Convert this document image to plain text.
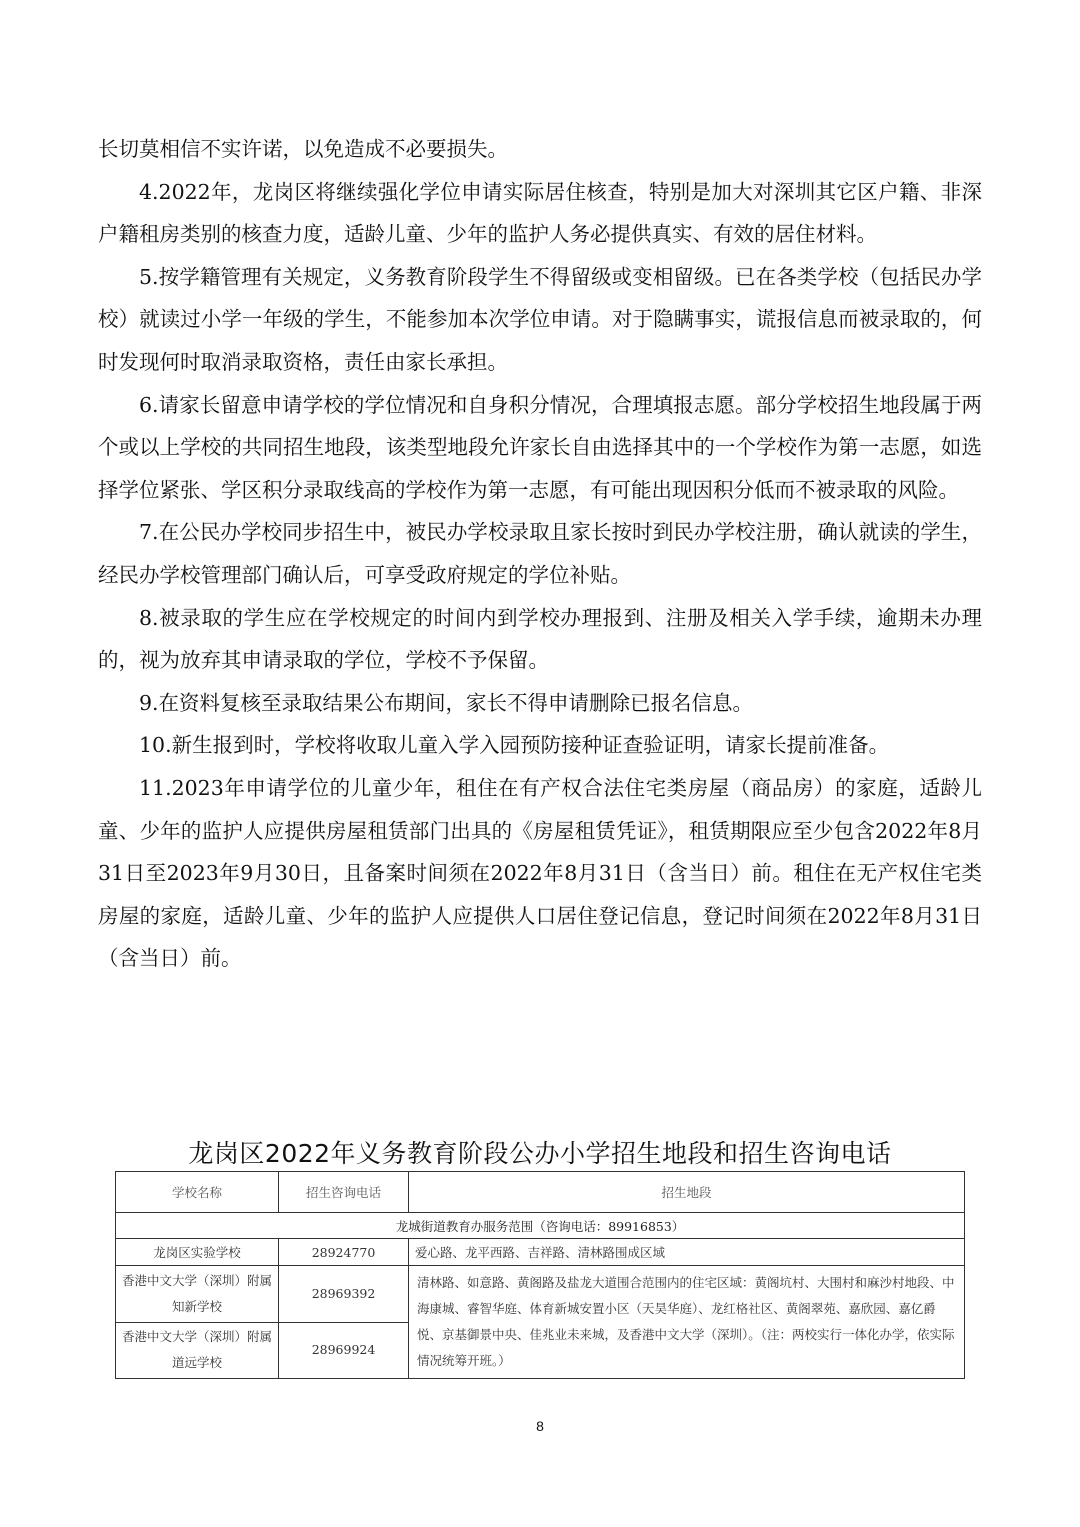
长切莫相信不实许诺，以免造成不必要损失。

4.2022年，龙岗区将继续强化学位申请实际居住核查，特别是加大对深圳其它区户籍、非深户籍租房类别的核查力度，适龄儿童、少年的监护人务必提供真实、有效的居住材料。

5.按学籍管理有关规定，义务教育阶段学生不得留级或变相留级。已在各类学校（包括民办学校）就读过小学一年级的学生，不能参加本次学位申请。对于隐瞒事实，谎报信息而被录取的，何时发现何时取消录取资格，责任由家长承担。

6.请家长留意申请学校的学位情况和自身积分情况，合理填报志愿。部分学校招生地段属于两个或以上学校的共同招生地段，该类型地段允许家长自由选择其中的一个学校作为第一志愿，如选择学位紧张、学区积分录取线高的学校作为第一志愿，有可能出现因积分低而不被录取的风险。

7.在公民办学校同步招生中，被民办学校录取且家长按时到民办学校注册，确认就读的学生，经民办学校管理部门确认后，可享受政府规定的学位补贴。

8.被录取的学生应在学校规定的时间内到学校办理报到、注册及相关入学手续，逾期未办理的，视为放弃其申请录取的学位，学校不予保留。

9.在资料复核至录取结果公布期间，家长不得申请删除已报名信息。

10.新生报到时，学校将收取儿童入学入园预防接种证查验证明，请家长提前准备。

11.2023年申请学位的儿童少年，租住在有产权合法住宅类房屋（商品房）的家庭，适龄儿童、少年的监护人应提供房屋租赁部门出具的《房屋租赁凭证》，租赁期限应至少包含2022年8月31日至2023年9月30日，且备案时间须在2022年8月31日（含当日）前。租住在无产权住宅类房屋的家庭，适龄儿童、少年的监护人应提供人口居住登记信息，登记时间须在2022年8月31日（含当日）前。

龙岗区2022年义务教育阶段公办小学招生地段和招生咨询电话
学校名称	招生咨询电话	招生地段
龙城街道教育办服务范围（咨询电话：89916853）		
龙岗区实验学校	28924770	爱心路、龙平西路、吉祥路、清林路围成区域
香港中文大学（深圳）附属知新学校	28969392	清林路、如意路、黄阁路及盐龙大道围合范围内的住宅区域：黄阁坑村、大围村和麻沙村地段、中海康城、睿智华庭、体育新城安置小区（天昊华庭）、龙红格社区、黄阁翠苑、嘉欣园、嘉亿爵悦、京基御景中央、佳兆业未来城，及香港中文大学（深圳）。（注：两校实行一体化办学，依实际情况统筹开班。）
香港中文大学（深圳）附属道远学校	28969924	
8
